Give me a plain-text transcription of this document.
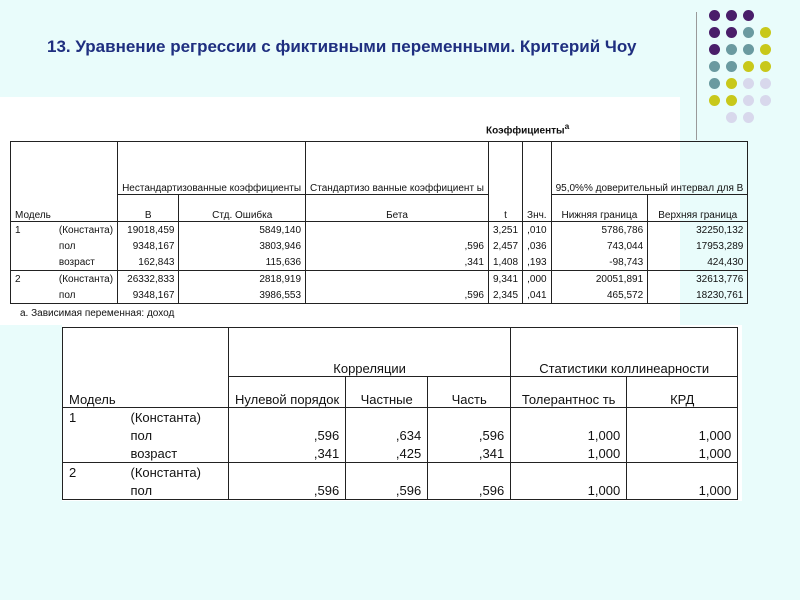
13. Уравнение регрессии с фиктивными переменными. Критерий Чоу
Коэффициенты$^a$
Модель		Нестандартизованные коэффициенты		Стандартизо ванные коэффициент ы	t	Знч.	95,0%% доверительный интервал для B	
		B	Стд. Ошибка	Бета			Нижняя граница	Верхняя граница
1	(Константа)	19018,459	5849,140		3,251	,010	5786,786	32250,132
	пол	9348,167	3803,946	,596	2,457	,036	743,044	17953,289
	возраст	162,843	115,636	,341	1,408	,193	-98,743	424,430
2	(Константа)	26332,833	2818,919		9,341	,000	20051,891	32613,776
	пол	9348,167	3986,553	,596	2,345	,041	465,572	18230,761
а. Зависимая переменная: доход
Модель		Корреляции			Статистики коллинеарности	
		Нулевой порядок	Частные	Часть	Толерантнос ть	КРД
1	(Константа)					
	пол	,596	,634	,596	1,000	1,000
	возраст	,341	,425	,341	1,000	1,000
2	(Константа)					
	пол	,596	,596	,596	1,000	1,000
